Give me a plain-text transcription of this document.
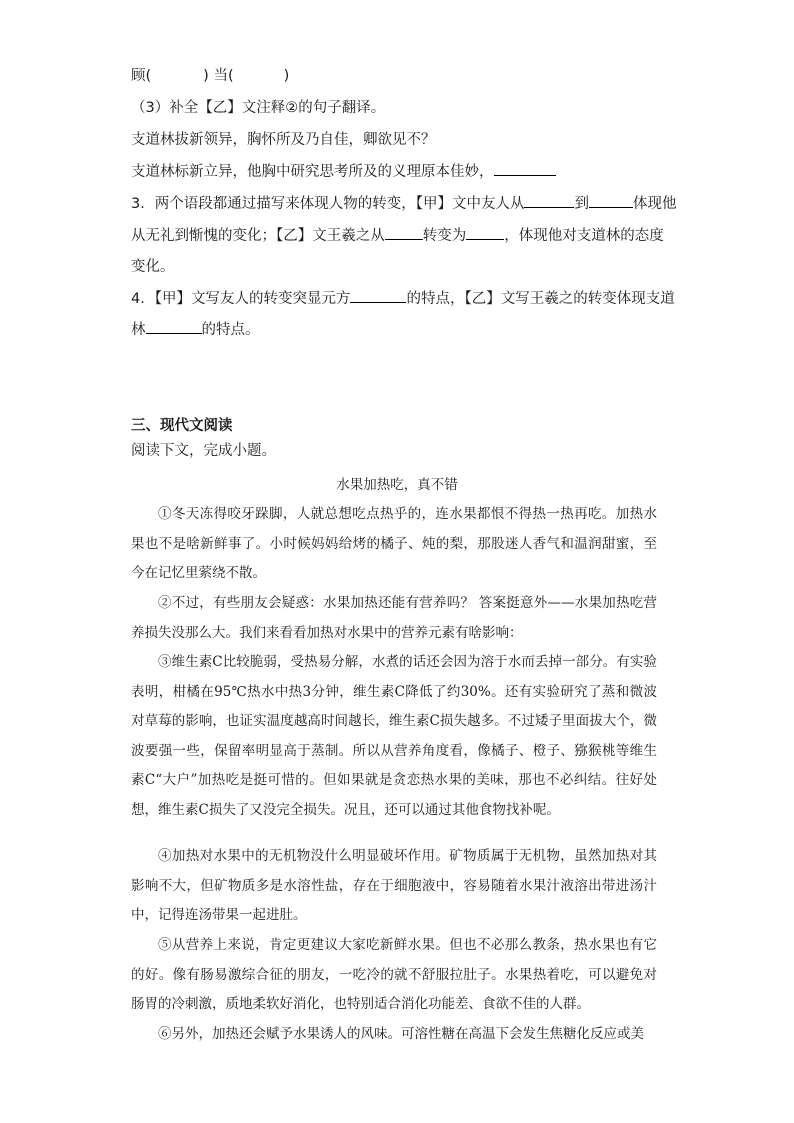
顾(	) 当(	)
（3）补全【乙】文注释②的句子翻译。
支道林拔新领异，胸怀所及乃自佳，卿欲见不？
支道林标新立异，他胸中研究思考所及的义理原本佳妙，
3．两个语段都通过描写来体现人物的转变，【甲】文中友人从	到	体现他
从无礼到惭愧的变化；【乙】文王羲之从	转变为	，体现他对支道林的态度
变化。
4．【甲】文写友人的转变突显元方	的特点，【乙】文写王羲之的转变体现支道
林	的特点。
三、现代文阅读
阅读下文，完成小题。
水果加热吃，真不错

①冬天冻得咬牙跺脚，人就总想吃点热乎的，连水果都恨不得热一热再吃。加热水果也不是啥新鲜事了。小时候妈妈给烤的橘子、炖的梨，那股迷人香气和温润甜蜜，至今在记忆里萦绕不散。

②不过，有些朋友会疑惑：水果加热还能有营养吗？ 答案挺意外——水果加热吃营养损失没那么大。我们来看看加热对水果中的营养元素有啥影响：

③维生素C比较脆弱，受热易分解，水煮的话还会因为溶于水而丢掉一部分。有实验表明，柑橘在95℃热水中热3分钟，维生素C降低了约30%。还有实验研究了蒸和微波对草莓的影响，也证实温度越高时间越长，维生素C损失越多。不过矮子里面拔大个，微波要强一些，保留率明显高于蒸制。所以从营养角度看，像橘子、橙子、猕猴桃等维生素C“大户”加热吃是挺可惜的。但如果就是贪恋热水果的美味，那也不必纠结。往好处想，维生素C损失了又没完全损失。况且，还可以通过其他食物找补呢。

④加热对水果中的无机物没什么明显破坏作用。矿物质属于无机物，虽然加热对其影响不大，但矿物质多是水溶性盐，存在于细胞液中，容易随着水果汁液溶出带进汤汁中，记得连汤带果一起进肚。

⑤从营养上来说，肯定更建议大家吃新鲜水果。但也不必那么教条，热水果也有它的好。像有肠易激综合征的朋友，一吃冷的就不舒服拉肚子。水果热着吃，可以避免对肠胃的冷刺激，质地柔软好消化，也特别适合消化功能差、食欲不佳的人群。

⑥另外，加热还会赋予水果诱人的风味。可溶性糖在高温下会发生焦糖化反应或美
